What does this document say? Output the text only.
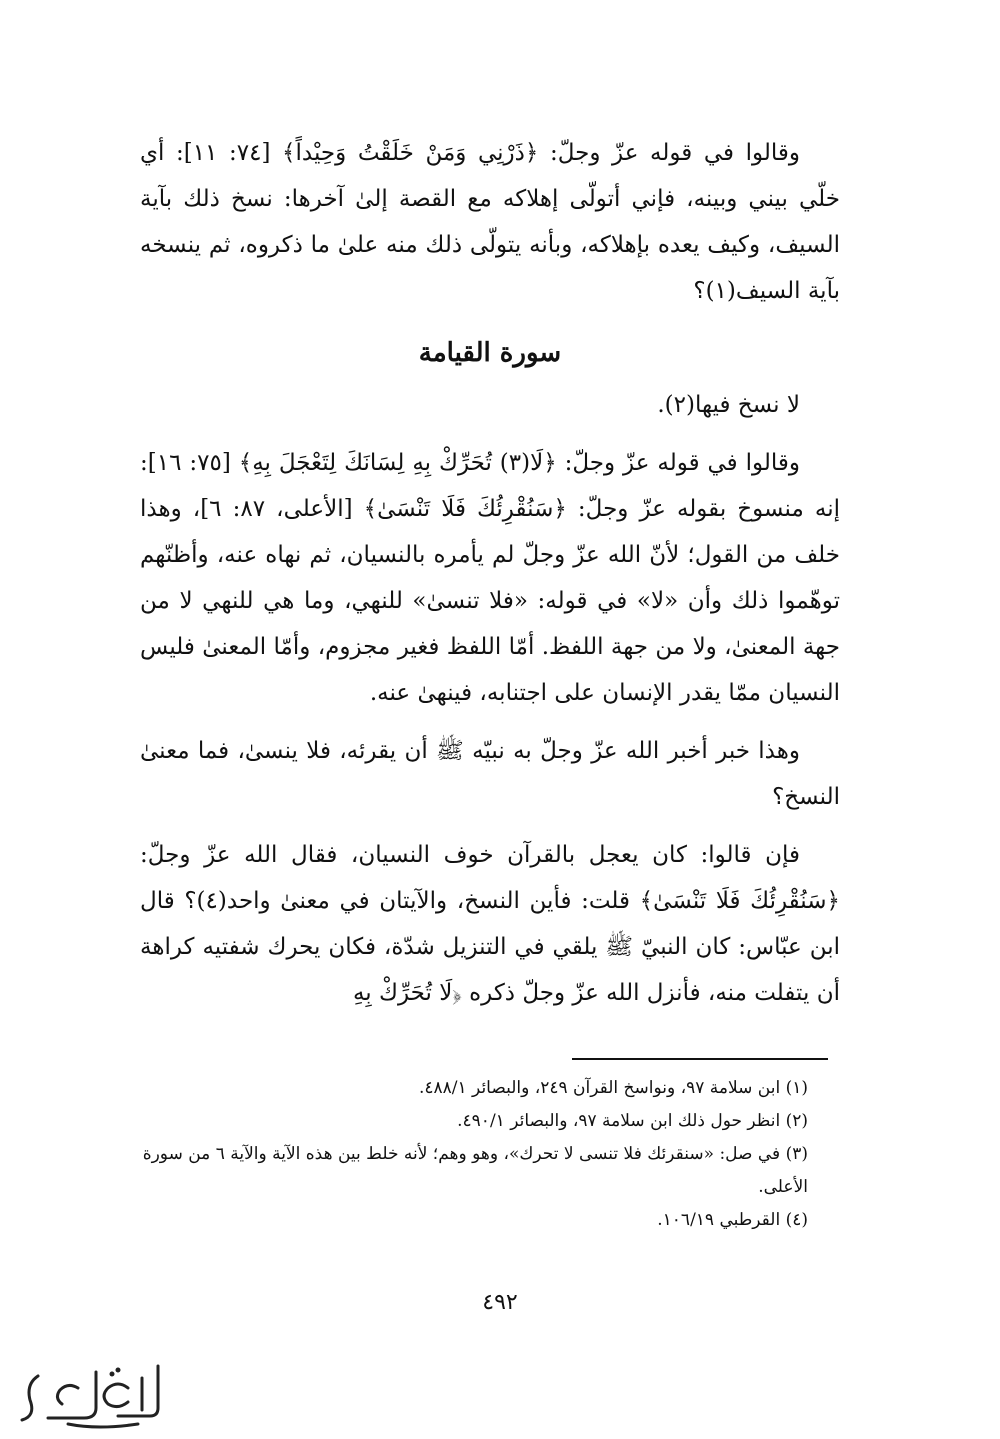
وقالوا في قوله عزّ وجلّ: ﴿ذَرْنِي وَمَنْ خَلَقْتُ وَحِيْداً﴾ [٧٤: ١١]: أي خلّي بيني وبينه، فإني أتولّى إهلاكه مع القصة إلىٰ آخرها: نسخ ذلك بآية السيف، وكيف يعده بإهلاكه، وبأنه يتولّى ذلك منه علىٰ ما ذكروه، ثم ينسخه بآية السيف(١)؟

سورة القيامة

لا نسخ فيها(٢).

وقالوا في قوله عزّ وجلّ: ﴿لَا(٣) تُحَرِّكْ بِهِ لِسَانَكَ لِتَعْجَلَ بِهِ﴾ [٧٥: ١٦]: إنه منسوخ بقوله عزّ وجلّ: ﴿سَنُقْرِئُكَ فَلَا تَنْسَىٰ﴾ [الأعلى، ٨٧: ٦]، وهذا خلف من القول؛ لأنّ الله عزّ وجلّ لم يأمره بالنسيان، ثم نهاه عنه، وأظنّهم توهّموا ذلك وأن «لا» في قوله: «فلا تنسىٰ» للنهي، وما هي للنهي لا من جهة المعنىٰ، ولا من جهة اللفظ. أمّا اللفظ فغير مجزوم، وأمّا المعنىٰ فليس النسيان ممّا يقدر الإنسان على اجتنابه، فينهىٰ عنه.

وهذا خبر أخبر الله عزّ وجلّ به نبيّه ﷺ أن يقرئه، فلا ينسىٰ، فما معنىٰ النسخ؟

فإن قالوا: كان يعجل بالقرآن خوف النسيان، فقال الله عزّ وجلّ: ﴿سَنُقْرِئُكَ فَلَا تَنْسَىٰ﴾ قلت: فأين النسخ، والآيتان في معنىٰ واحد(٤)؟ قال ابن عبّاس: كان النبيّ ﷺ يلقي في التنزيل شدّة، فكان يحرك شفتيه كراهة أن يتفلت منه، فأنزل الله عزّ وجلّ ذكره ﴿لَا تُحَرِّكْ بِهِ

(١) ابن سلامة ٩٧، ونواسخ القرآن ٢٤٩، والبصائر ٤٨٨/١.

(٢) انظر حول ذلك ابن سلامة ٩٧، والبصائر ٤٩٠/١.

(٣) في صل: «سنقرئك فلا تنسى لا تحرك»، وهو وهم؛ لأنه خلط بين هذه الآية والآية ٦ من سورة الأعلى.

(٤) القرطبي ١٠٦/١٩.

٤٩٢
